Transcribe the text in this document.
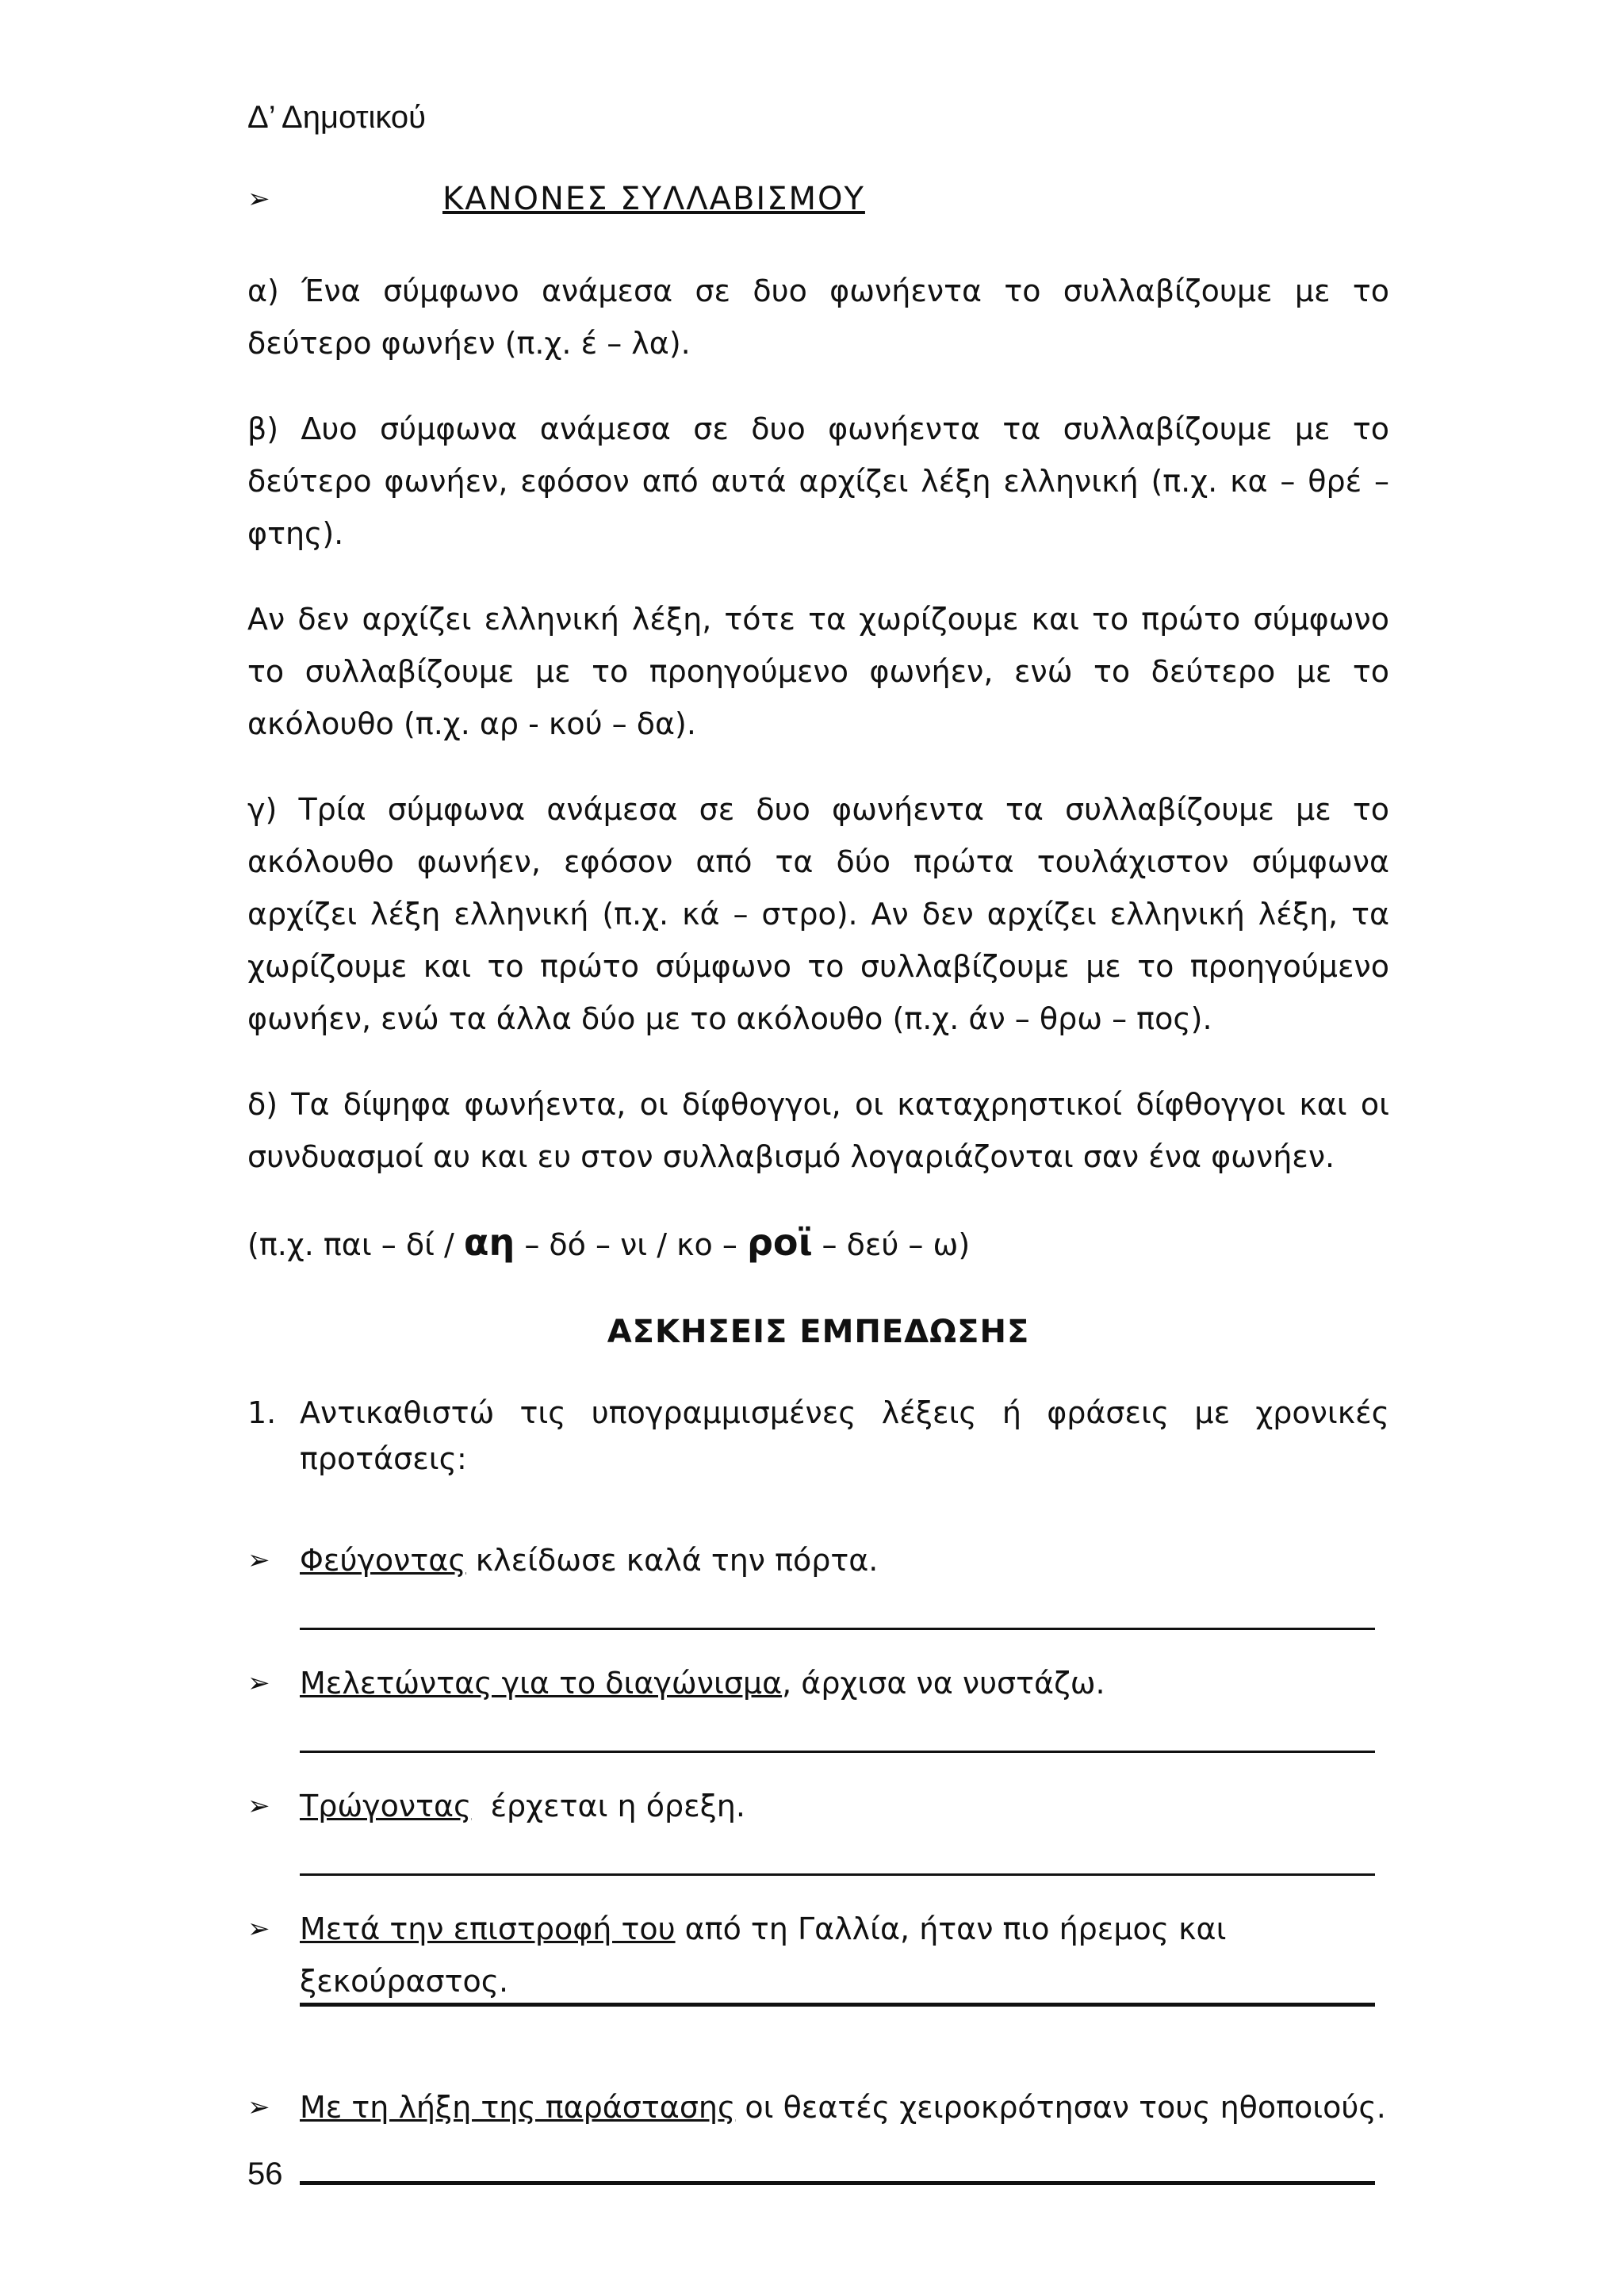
Δ’ Δημοτικού
➢	ΚΑΝΟΝΕΣ ΣΥΛΛΑΒΙΣΜΟΥ

α) Ένα σύμφωνο ανάμεσα σε δυο φωνήεντα το συλλαβίζουμε με το δεύτερο φωνήεν (π.χ. έ – λα).

β) Δυο σύμφωνα ανάμεσα σε δυο φωνήεντα τα συλλαβίζουμε με το δεύτερο φωνήεν, εφόσον από αυτά αρχίζει λέξη ελληνική (π.χ. κα – θρέ – φτης).

Αν δεν αρχίζει ελληνική λέξη, τότε τα χωρίζουμε και το πρώτο σύμφωνο το συλλαβίζουμε με το προηγούμενο φωνήεν, ενώ το δεύτερο με το ακόλουθο (π.χ. αρ - κού – δα).

γ) Τρία σύμφωνα ανάμεσα σε δυο φωνήεντα τα συλλαβίζουμε με το ακόλουθο φωνήεν, εφόσον από τα δύο πρώτα τουλάχιστον σύμφωνα αρχίζει λέξη ελληνική (π.χ. κά – στρο). Αν δεν αρχίζει ελληνική λέξη, τα χωρίζουμε και το πρώτο σύμφωνο το συλλαβίζουμε με το προηγούμενο φωνήεν, ενώ τα άλλα δύο με το ακόλουθο (π.χ. άν – θρω – πος).

δ) Τα δίψηφα φωνήεντα, οι δίφθογγοι, οι καταχρηστικοί δίφθογγοι και οι συνδυασμοί αυ και ευ στον συλλαβισμό λογαριάζονται σαν ένα φωνήεν.

(π.χ. παι – δί / αη – δό – νι / κο – ροϊ – δεύ – ω)
ΑΣΚΗΣΕΙΣ ΕΜΠΕΔΩΣΗΣ
1. Αντικαθιστώ τις υπογραμμισμένες λέξεις ή φράσεις με χρονικές προτάσεις:
➢ Φεύγοντας κλείδωσε καλά την πόρτα.
➢ Μελετώντας για το διαγώνισμα, άρχισα να νυστάζω.
➢ Τρώγοντας  έρχεται η όρεξη.
➢ Μετά την επιστροφή του από τη Γαλλία, ήταν πιο ήρεμος και ξεκούραστος.
➢ Με τη λήξη της παράστασης οι θεατές χειροκρότησαν τους ηθοποιούς.
56
